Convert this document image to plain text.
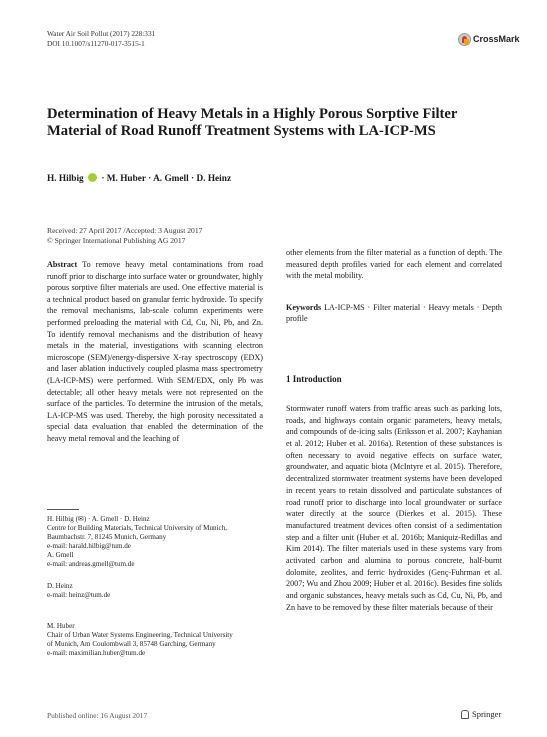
Water Air Soil Pollut (2017) 228:331
DOI 10.1007/s11270-017-3515-1	CrossMark
Determination of Heavy Metals in a Highly Porous Sorptive Filter Material of Road Runoff Treatment Systems with LA-ICP-MS
H. Hilbig · M. Huber · A. Gmell · D. Heinz
Received: 27 April 2017 /Accepted: 3 August 2017
© Springer International Publishing AG 2017
Abstract To remove heavy metal contaminations from road runoff prior to discharge into surface water or groundwater, highly porous sorptive filter materials are used. One effective material is a technical product based on granular ferric hydroxide. To specify the removal mechanisms, lab-scale column experiments were performed preloading the material with Cd, Cu, Ni, Pb, and Zn. To identify removal mechanisms and the distribution of heavy metals in the material, investigations with scanning electron microscope (SEM)/energy-dispersive X-ray spectroscopy (EDX) and laser ablation inductively coupled plasma mass spectrometry (LA-ICP-MS) were performed. With SEM/EDX, only Pb was detectable; all other heavy metals were not represented on the surface of the particles. To determine the intrusion of the metals, LA-ICP-MS was used. Thereby, the high porosity necessitated a special data evaluation that enabled the determination of the heavy metal removal and the leaching of
other elements from the filter material as a function of depth. The measured depth profiles varied for each element and correlated with the metal mobility.
Keywords LA-ICP-MS · Filter material · Heavy metals · Depth profile
H. Hilbig (✉) · A. Gmell · D. Heinz
Centre for Building Materials, Technical University of Munich,
Baumbachstr. 7, 81245 Munich, Germany
e-mail: harald.hilbig@tum.de
A. Gmell
e-mail: andreas.gmell@tum.de
D. Heinz
e-mail: heinz@tum.de
M. Huber
Chair of Urban Water Systems Engineering, Technical University
of Munich, Am Coulombwall 3, 85748 Garching, Germany
e-mail: maximilian.huber@tum.de
1 Introduction
Stormwater runoff waters from traffic areas such as parking lots, roads, and highways contain organic parameters, heavy metals, and compounds of de-icing salts (Eriksson et al. 2007; Kayhanian et al. 2012; Huber et al. 2016a). Retention of these substances is often necessary to avoid negative effects on surface water, groundwater, and aquatic biota (McIntyre et al. 2015). Therefore, decentralized stormwater treatment systems have been developed in recent years to retain dissolved and particulate substances of road runoff prior to discharge into local groundwater or surface water directly at the source (Dierkes et al. 2015). These manufactured treatment devices often consist of a sedimentation step and a filter unit (Huber et al. 2016b; Maniquiz-Redillas and Kim 2014). The filter materials used in these systems vary from activated carbon and alumina to porous concrete, half-burnt dolomite, zeolites, and ferric hydroxides (Genç-Fuhrman et al. 2007; Wu and Zhou 2009; Huber et al. 2016c). Besides fine solids and organic substances, heavy metals such as Cd, Cu, Ni, Pb, and Zn have to be removed by these filter materials because of their
Published online: 16 August 2017	Springer
